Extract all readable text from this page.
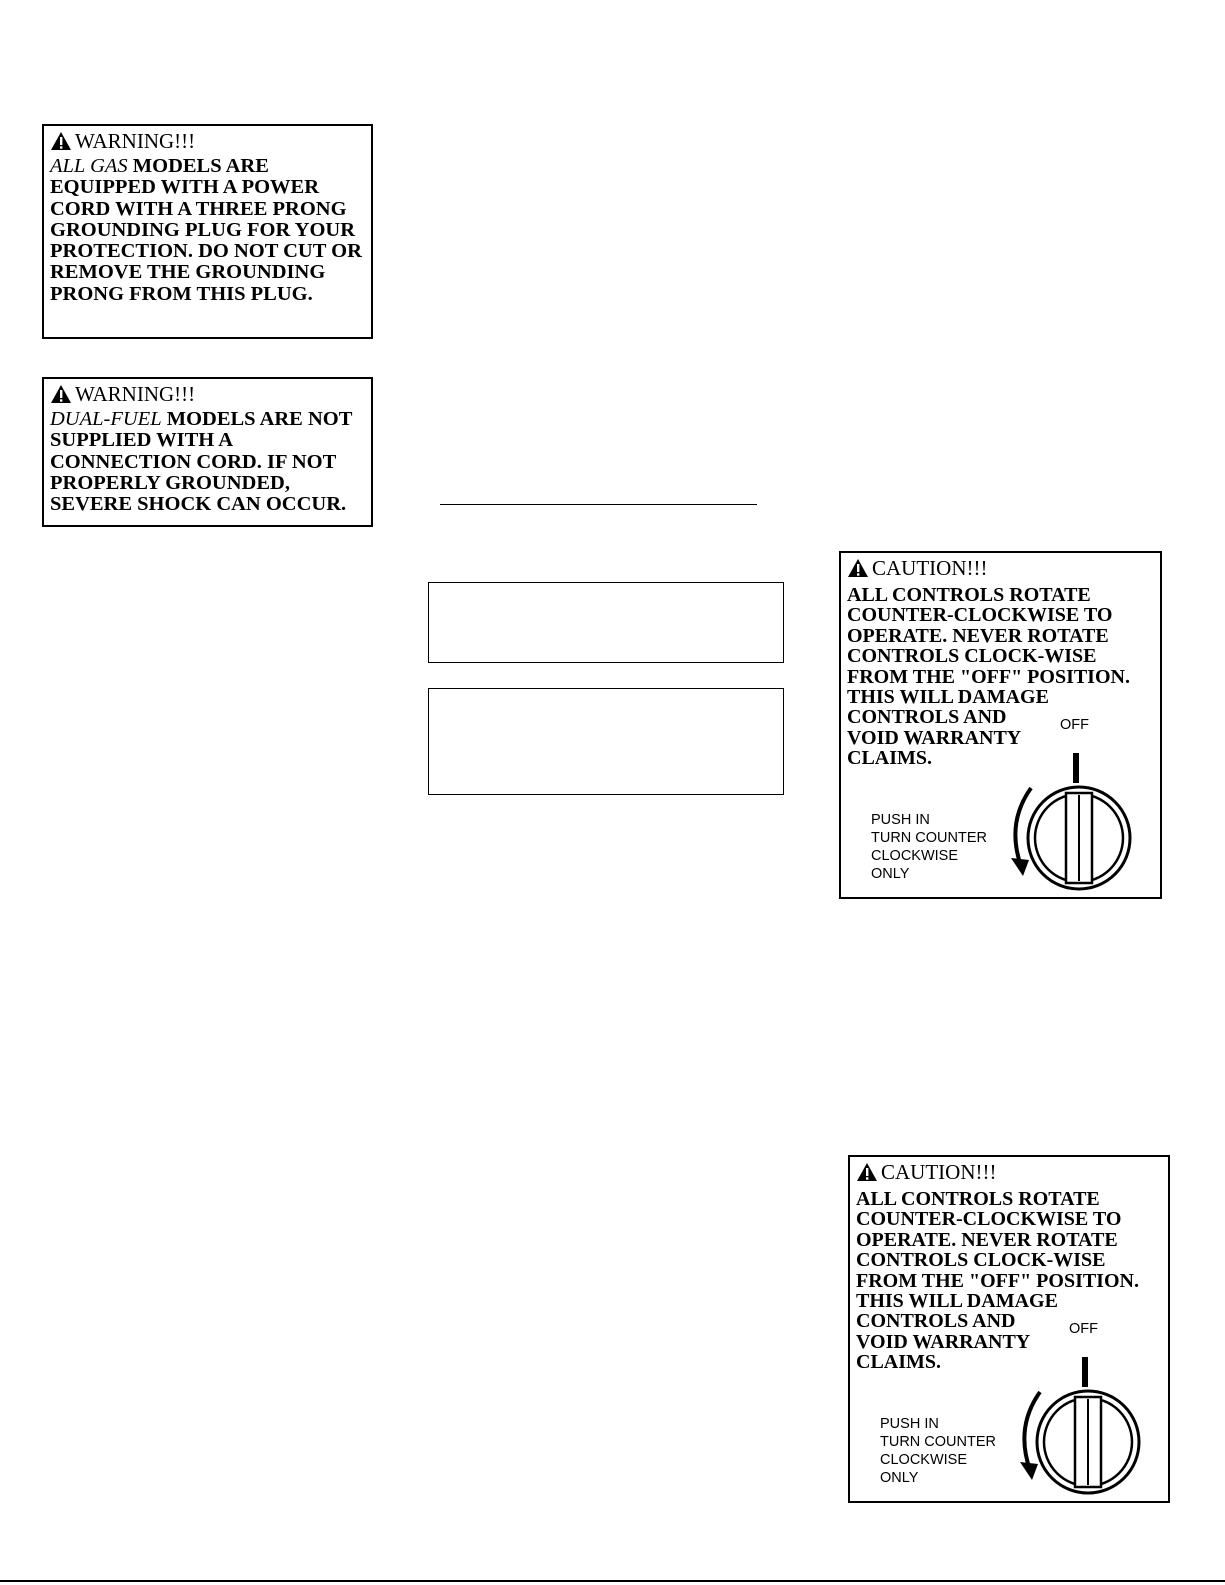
WARNING!!!
ALL GAS MODELS ARE EQUIPPED WITH A POWER CORD WITH A THREE PRONG GROUNDING PLUG FOR YOUR PROTECTION. DO NOT CUT OR REMOVE THE GROUNDING PRONG FROM THIS PLUG.
WARNING!!!
DUAL-FUEL MODELS ARE NOT SUPPLIED WITH A CONNECTION CORD. IF NOT PROPERLY GROUNDED, SEVERE SHOCK CAN OCCUR.
CAUTION!!!
ALL CONTROLS ROTATE
COUNTER-CLOCKWISE TO
OPERATE. NEVER ROTATE
CONTROLS CLOCK-WISE
FROM THE "OFF" POSITION.
THIS WILL DAMAGE
CONTROLS AND
VOID WARRANTY
CLAIMS.
OFF
PUSH IN
TURN COUNTER
CLOCKWISE
ONLY
CAUTION!!!
ALL CONTROLS ROTATE
COUNTER-CLOCKWISE TO
OPERATE. NEVER ROTATE
CONTROLS CLOCK-WISE
FROM THE "OFF" POSITION.
THIS WILL DAMAGE
CONTROLS AND
VOID WARRANTY
CLAIMS.
OFF
PUSH IN
TURN COUNTER
CLOCKWISE
ONLY
